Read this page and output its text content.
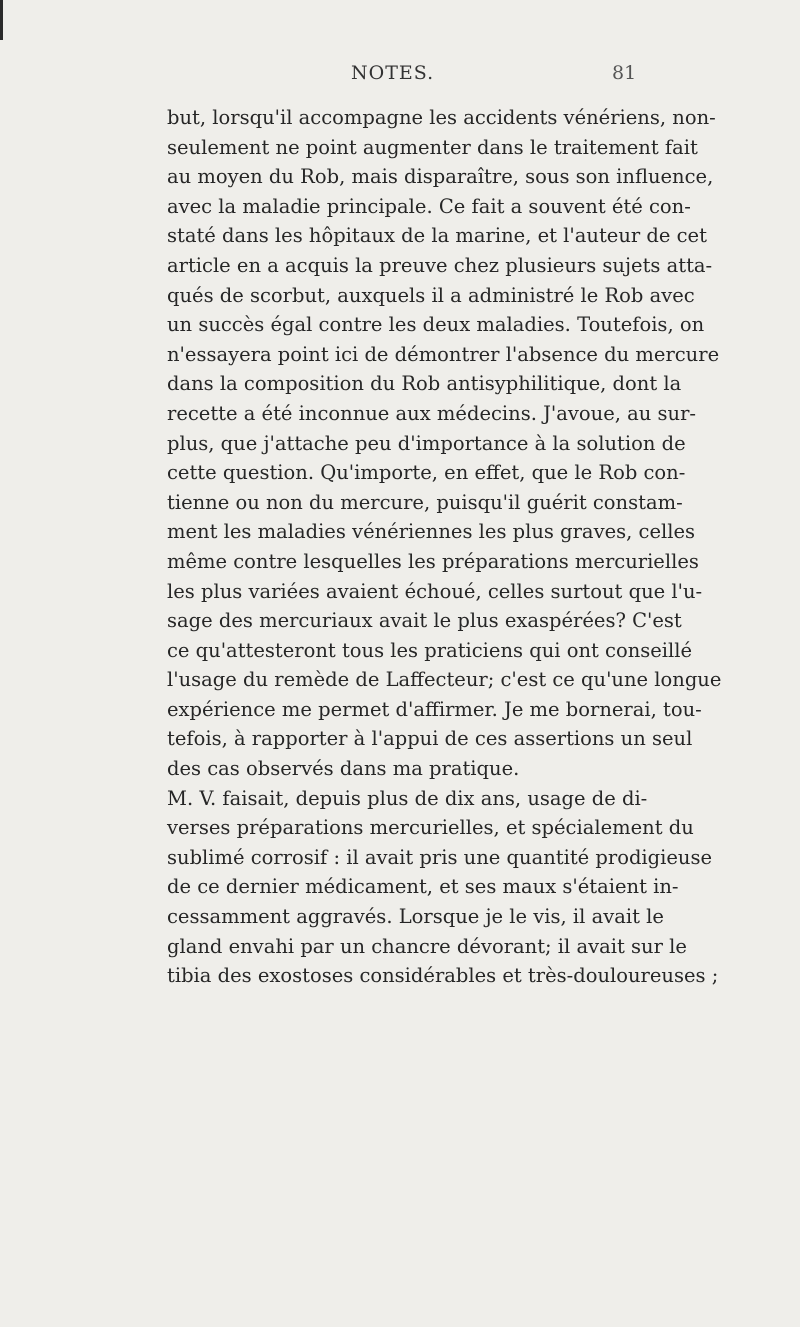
NOTES.	81
but, lorsqu'il accompagne les accidents vénériens, non-
seulement ne point augmenter dans le traitement fait
au moyen du Rob, mais disparaître, sous son influence,
avec la maladie principale. Ce fait a souvent été con-
staté dans les hôpitaux de la marine, et l'auteur de cet
article en a acquis la preuve chez plusieurs sujets atta-
qués de scorbut, auxquels il a administré le Rob avec
un succès égal contre les deux maladies. Toutefois, on
n'essayera point ici de démontrer l'absence du mercure
dans la composition du Rob antisyphilitique, dont la
recette a été inconnue aux médecins. J'avoue, au sur-
plus, que j'attache peu d'importance à la solution de
cette question. Qu'importe, en effet, que le Rob con-
tienne ou non du mercure, puisqu'il guérit constam-
ment les maladies vénériennes les plus graves, celles
même contre lesquelles les préparations mercurielles
les plus variées avaient échoué, celles surtout que l'u-
sage des mercuriaux avait le plus exaspérées? C'est
ce qu'attesteront tous les praticiens qui ont conseillé
l'usage du remède de Laffecteur; c'est ce qu'une longue
expérience me permet d'affirmer. Je me bornerai, tou-
tefois, à rapporter à l'appui de ces assertions un seul
des cas observés dans ma pratique.
M. V. faisait, depuis plus de dix ans, usage de di-
verses préparations mercurielles, et spécialement du
sublimé corrosif : il avait pris une quantité prodigieuse
de ce dernier médicament, et ses maux s'étaient in-
cessamment aggravés. Lorsque je le vis, il avait le
gland envahi par un chancre dévorant; il avait sur le
tibia des exostoses considérables et très-douloureuses ;
